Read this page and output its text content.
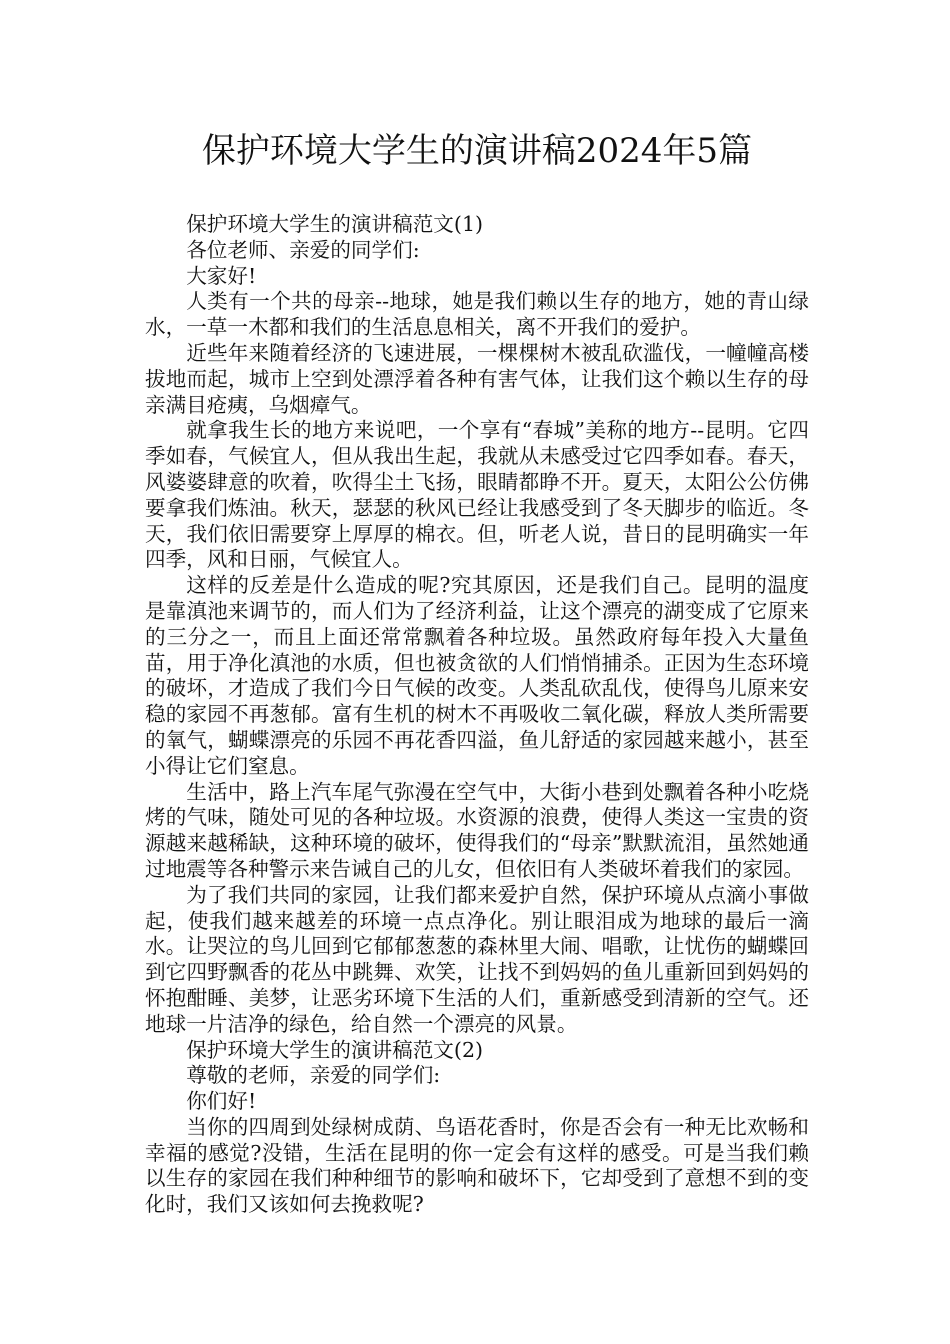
保护环境大学生的演讲稿2024年5篇

保护环境大学生的演讲稿范文(1)

各位老师、亲爱的同学们:

大家好!

人类有一个共的母亲--地球，她是我们赖以生存的地方，她的青山绿水，一草一木都和我们的生活息息相关，离不开我们的爱护。

近些年来随着经济的飞速进展，一棵棵树木被乱砍滥伐，一幢幢高楼拔地而起，城市上空到处漂浮着各种有害气体，让我们这个赖以生存的母亲满目疮痍，乌烟瘴气。

就拿我生长的地方来说吧，一个享有“春城”美称的地方--昆明。它四季如春，气候宜人，但从我出生起，我就从未感受过它四季如春。春天，风婆婆肆意的吹着，吹得尘土飞扬，眼睛都睁不开。夏天，太阳公公仿佛要拿我们炼油。秋天，瑟瑟的秋风已经让我感受到了冬天脚步的临近。冬天，我们依旧需要穿上厚厚的棉衣。但，听老人说，昔日的昆明确实一年四季，风和日丽，气候宜人。

这样的反差是什么造成的呢?究其原因，还是我们自己。昆明的温度是靠滇池来调节的，而人们为了经济利益，让这个漂亮的湖变成了它原来的三分之一，而且上面还常常飘着各种垃圾。虽然政府每年投入大量鱼苗，用于净化滇池的水质，但也被贪欲的人们悄悄捕杀。正因为生态环境的破坏，才造成了我们今日气候的改变。人类乱砍乱伐，使得鸟儿原来安稳的家园不再葱郁。富有生机的树木不再吸收二氧化碳，释放人类所需要的氧气，蝴蝶漂亮的乐园不再花香四溢，鱼儿舒适的家园越来越小，甚至小得让它们窒息。

生活中，路上汽车尾气弥漫在空气中，大街小巷到处飘着各种小吃烧烤的气味，随处可见的各种垃圾。水资源的浪费，使得人类这一宝贵的资源越来越稀缺，这种环境的破坏，使得我们的“母亲”默默流泪，虽然她通过地震等各种警示来告诫自己的儿女，但依旧有人类破坏着我们的家园。

为了我们共同的家园，让我们都来爱护自然，保护环境从点滴小事做起，使我们越来越差的环境一点点净化。别让眼泪成为地球的最后一滴水。让哭泣的鸟儿回到它郁郁葱葱的森林里大闹、唱歌，让忧伤的蝴蝶回到它四野飘香的花丛中跳舞、欢笑，让找不到妈妈的鱼儿重新回到妈妈的怀抱酣睡、美梦，让恶劣环境下生活的人们，重新感受到清新的空气。还地球一片洁净的绿色，给自然一个漂亮的风景。

保护环境大学生的演讲稿范文(2)

尊敬的老师，亲爱的同学们:

你们好!

当你的四周到处绿树成荫、鸟语花香时，你是否会有一种无比欢畅和幸福的感觉?没错，生活在昆明的你一定会有这样的感受。可是当我们赖以生存的家园在我们种种细节的影响和破坏下，它却受到了意想不到的变化时，我们又该如何去挽救呢?
